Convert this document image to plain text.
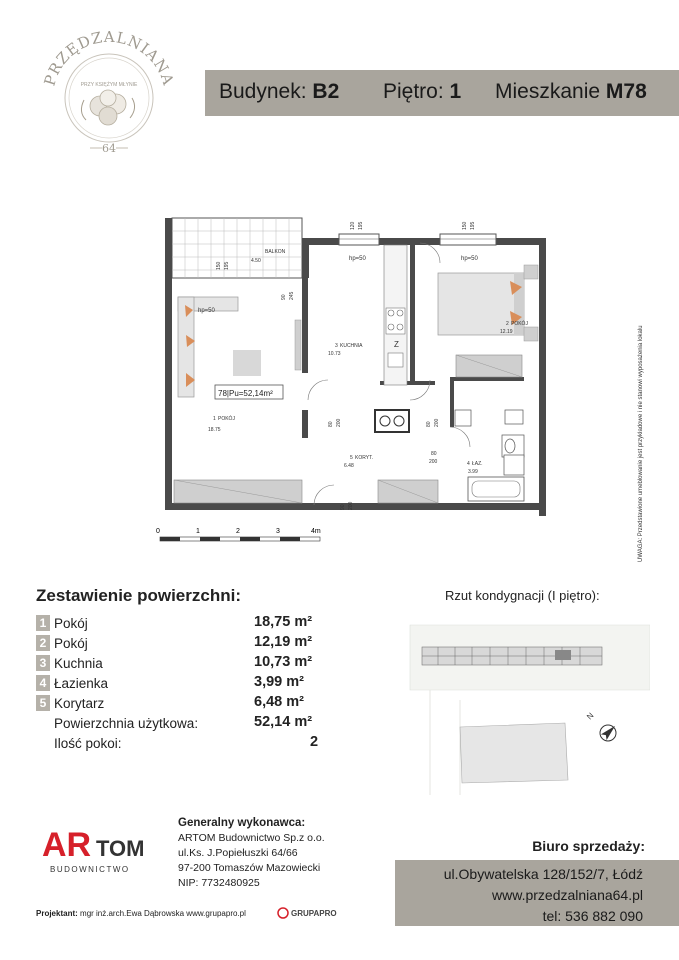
PRZĘDZALNIANA
PRZY KSIĘŻYM MŁYNIE
64
Budynek: B2 Piętro: 1 Mieszkanie M78
78|Pu=52,14m²
1 POKÓJ
18.75
hp=50
BALKON
4.50
150 195
90 245
Z
3 KUCHNIA
10.73
hp=50
120 195
2 POKÓJ
12.19
hp=50
150 195
4 ŁAZ.
3.99
5 KORYT.
6.48
80 200	80 200
80
200
90 200
0	1	2	3	4m	UWAGA: Przedstawione umeblowanie jest przykładowe i nie stanowi wyposażenia lokalu
Zestawienie powierzchni:
1 Pokój	18,75 m²
2 Pokój	12,19 m²
3 Kuchnia	10,73 m²
4 Łazienka	3,99 m²
5 Korytarz	6,48 m²
Powierzchnia użytkowa:	52,14 m²
Ilość pokoi:	2
Rzut kondygnacji (I piętro):
N
AR TOM
BUDOWNICTWO
Generalny wykonawca:
ARTOM Budownictwo Sp.z o.o.
ul.Ks. J.Popiełuszki 64/66
97-200 Tomaszów Mazowiecki
NIP: 7732480925
Projektant: mgr inż.arch.Ewa Dąbrowska www.grupapro.pl	GRUPAPRO
Biuro sprzedaży:
ul.Obywatelska 128/152/7, Łódź
www.przedzalniana64.pl
tel: 536 882 090
